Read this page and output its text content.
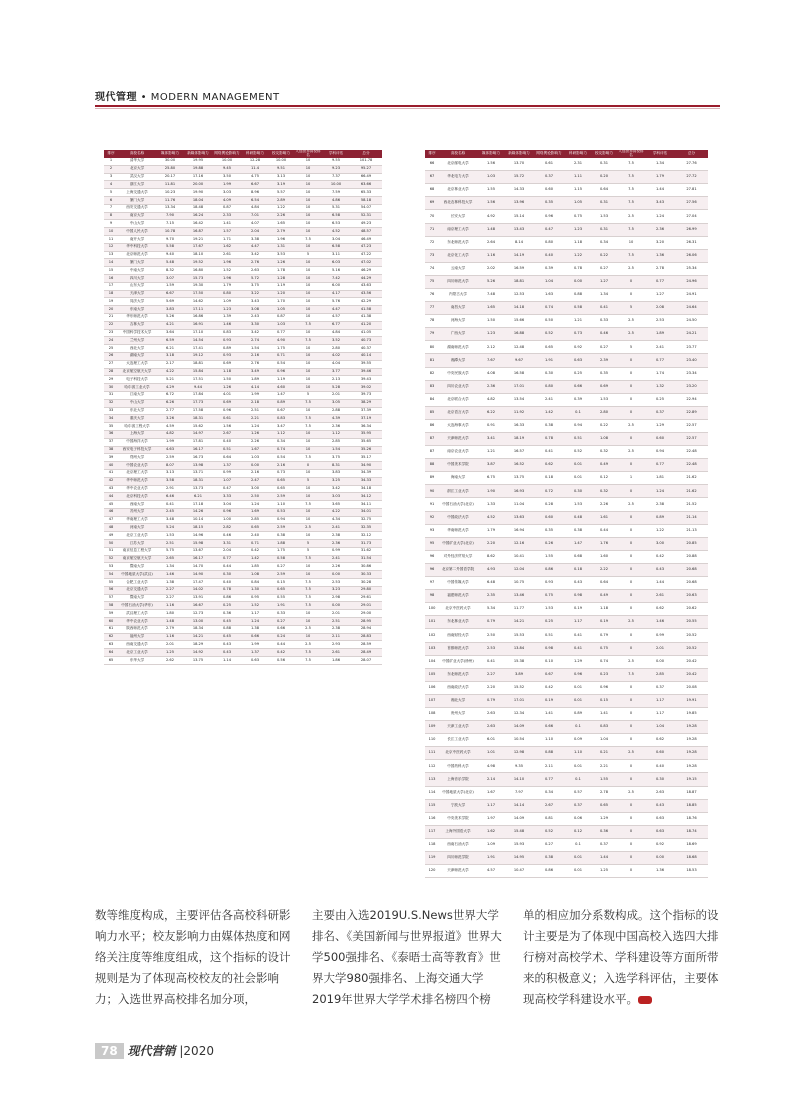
现代管理 • MODERN MANAGEMENT
排序	高校名称	媒体影响力	新媒体影响力	网络舆论影响力	科研影响力	校友影响力	入选世界高校排名	学科评估	总分
1	清华大学	30.00	19.95	10.00	12.28	10.00	10	9.55	101.78
2	北京大学	25.80	19.88	9.45	11.4	9.51	10	9.23	95.27
3	武汉大学	20.17	17.16	3.50	4.75	3.13	10	7.37	66.49
4	浙江大学	11.81	20.00	1.99	6.67	3.19	10	10.00	63.66
5	上海交通大学	10.23	19.90	3.03	8.96	5.57	10	7.59	65.33
6	厦门大学	11.76	18.04	4.09	6.54	2.89	10	4.86	58.18
7	西安交通大学	13.34	18.48	0.87	4.84	1.22	10	5.31	54.07
8	南京大学	7.90	16.24	2.33	7.01	2.26	10	6.58	52.31
9	中山大学	7.15	16.42	1.41	4.07	1.65	10	6.53	49.23
10	中国人民大学	10.78	16.87	1.57	2.04	2.79	10	4.52	48.57
11	南开大学	9.70	19.21	1.71	3.38	1.96	7.5	3.04	46.49
12	华中科技大学	5.58	17.67	1.62	4.47	1.31	10	6.58	47.23
13	北京师范大学	9.40	18.10	2.61	3.42	3.53	5	3.11	47.22
14	厦门大学	5.48	19.52	1.96	2.76	1.26	10	6.03	47.02
15	中南大学	8.32	16.80	1.52	2.63	1.78	10	5.16	46.29
16	四川大学	3.07	15.73	1.96	5.72	1.28	10	7.42	44.29
17	山东大学	1.59	19.30	1.79	3.75	1.19	10	6.00	43.63
18	天津大学	6.67	17.50	0.80	3.22	1.20	10	4.17	43.56
19	同济大学	5.69	14.62	1.09	3.43	1.70	10	5.76	42.29
20	东南大学	3.83	17.11	1.23	3.08	1.05	10	4.47	41.58
21	华东师范大学	5.26	16.86	1.39	2.43	0.87	10	4.57	41.38
22	吉林大学	4.21	16.91	1.46	3.30	1.03	7.5	6.77	41.20
23	中国科学技术大学	3.64	17.10	0.83	3.42	0.77	10	4.84	41.05
24	兰州大学	6.59	14.54	0.93	2.74	4.90	7.5	3.52	40.73
25	西北大学	6.21	17.41	0.89	1.54	1.75	10	2.80	40.37
26	湖南大学	3.18	19.12	0.93	2.16	0.71	10	4.02	40.14
27	大连理工大学	2.17	18.81	0.69	2.76	0.54	10	4.04	39.55
28	北京航空航天大学	4.22	15.84	1.18	3.49	0.96	10	3.77	39.46
29	电子科技大学	5.21	17.51	1.50	1.89	1.19	10	2.13	39.43
30	哈尔滨工业大学	4.29	9.44	1.26	4.14	4.60	10	5.28	39.02
31	江南大学	6.72	17.84	4.01	1.99	1.47	5	2.01	39.73
32	中山大学	6.26	17.73	0.69	2.18	0.89	7.5	3.05	38.29
33	东北大学	2.77	17.58	0.96	2.51	0.67	10	2.88	37.39
34	重庆大学	3.26	18.31	0.61	2.21	0.83	7.5	4.39	37.19
35	哈尔滨工程大学	4.59	15.62	1.56	1.24	3.47	7.5	2.36	36.34
36	上海大学	4.82	14.97	2.67	1.26	1.12	10	1.12	35.95
37	中国海洋大学	1.99	17.81	0.40	2.26	0.34	10	2.85	35.65
38	西安电子科技大学	4.63	16.17	0.51	1.67	0.74	10	1.54	35.26
39	郑州大学	2.59	16.73	0.64	1.03	0.54	7.5	3.75	35.17
40	中国农业大学	8.07	13.98	1.37	0.00	2.16	0	8.31	34.90
41	北京理工大学	3.13	13.71	0.99	2.16	0.73	10	3.83	34.39
42	华中师范大学	3.58	18.31	1.07	2.47	0.65	5	3.25	34.33
43	华中农业大学	2.91	13.73	0.47	3.00	0.65	10	3.42	34.18
44	北京科技大学	6.46	6.21	3.33	2.50	2.59	10	3.03	34.12
45	西南大学	0.41	17.18	3.04	1.24	1.10	7.5	3.65	34.11
46	苏州大学	2.45	14.26	0.96	1.69	0.53	10	4.22	34.01
47	华南理工大学	3.48	10.14	1.00	2.85	0.94	10	4.34	32.75
48	河南大学	5.24	18.15	2.82	0.65	2.59	2.5	2.41	32.35
49	北京工业大学	1.53	14.96	0.46	2.40	0.38	10	2.38	32.12
50	江苏大学	2.51	15.98	3.31	0.71	1.88	5	2.36	31.73
51	南京信息工程大学	5.75	13.67	2.04	0.42	1.75	5	0.99	31.62
52	南京航空航天大学	2.65	16.17	0.77	1.42	0.58	7.5	2.41	31.54
53	暨南大学	1.34	14.70	0.44	1.85	0.27	10	2.26	30.86
54	中国地质大学(武汉)	1.46	14.90	0.30	1.08	2.59	10	0.00	30.33
55	合肥工业大学	1.38	17.47	0.40	0.84	0.15	7.5	2.53	30.28
56	北京交通大学	2.27	14.02	0.78	1.30	0.65	7.5	3.23	29.80
57	暨南大学	2.27	13.91	0.86	0.95	0.55	7.5	2.98	29.61
58	中国石油大学(华东)	1.16	16.67	0.25	1.52	1.91	7.5	0.00	29.01
59	武汉理工大学	1.80	12.73	0.36	1.17	0.33	10	2.01	29.00
60	华中农业大学	1.48	13.00	0.45	1.24	0.27	10	2.51	28.95
61	陕西师范大学	2.79	18.34	0.88	1.38	0.66	2.5	2.38	28.94
62	福州大学	1.16	14.21	0.45	0.66	0.24	10	2.11	28.83
63	西南交通大学	2.01	18.29	0.43	1.99	0.44	2.5	2.93	28.59
64	北京工业大学	1.25	14.92	0.43	1.37	0.42	7.5	2.61	28.49
65	东华大学	2.62	13.75	1.14	0.63	0.56	7.5	1.86	28.07
排序	高校名称	媒体影响力	新媒体影响力	网络舆论影响力	科研影响力	校友影响力	入选世界高校排名	学科评估	总分
66	北京邮电大学	1.56	13.70	0.61	2.31	0.31	7.5	1.34	27.76
67	华北电力大学	1.03	15.72	0.37	1.11	0.20	7.5	1.79	27.72
68	北京林业大学	1.55	14.33	0.60	1.15	0.64	7.5	1.44	27.81
69	西北农林科技大学	1.56	13.96	0.35	1.05	0.31	7.5	3.43	27.56
70	长安大学	4.92	15.14	0.96	0.75	1.53	2.5	1.24	27.04
71	南京理工大学	1.48	13.43	0.47	1.23	0.31	7.5	2.36	26.99
72	东北师范大学	2.64	8.14	0.80	1.18	0.34	10	3.20	26.31
73	北京化工大学	1.16	14.19	0.40	1.22	0.22	7.5	1.36	26.06
74	云南大学	2.02	16.59	0.39	0.78	0.27	2.5	2.78	25.34
75	四川师范大学	5.26	18.81	1.04	0.00	1.27	0	0.77	24.96
76	内蒙古大学	7.48	12.53	1.63	0.88	1.34	0	1.27	24.91
77	南昌大学	1.65	14.18	0.74	0.58	0.41	5	2.08	24.64
78	河海大学	1.50	15.66	0.50	1.21	0.33	2.5	2.53	24.50
79	广西大学	1.23	16.88	0.52	0.73	0.46	2.5	1.89	24.21
80	湖南师范大学	2.12	12.48	0.65	0.92	0.27	5	2.41	23.77
81	湘潭大学	7.67	9.67	1.91	0.63	2.39	0	0.77	23.40
82	中央民族大学	4.08	16.58	0.30	0.25	0.35	0	1.74	23.34
83	四川农业大学	2.36	17.01	0.80	0.66	0.69	0	1.32	23.20
84	北京联合大学	4.82	13.54	2.41	0.39	1.53	0	0.25	22.94
85	北京语言大学	6.22	11.92	1.42	0.1	2.80	0	0.37	22.89
86	大连海事大学	0.91	16.33	0.38	0.94	0.22	2.5	1.29	22.57
87	天津师范大学	3.41	18.19	0.78	0.51	1.08	0	0.60	22.57
87	南京农业大学	1.21	16.57	0.41	0.52	0.32	2.5	0.94	22.48
88	中国美术学院	3.87	16.52	0.62	0.01	0.49	0	0.77	22.48
89	海南大学	6.75	13.75	0.18	0.01	0.12	1	1.81	21.62
90	浙江工业大学	1.90	16.93	0.72	0.30	0.32	0	1.24	21.62
91	中国石油大学(北京)	1.33	11.04	0.28	1.53	2.26	2.5	2.38	21.52
92	中国政法大学	4.52	13.63	0.60	0.48	1.61	0	0.89	21.14
93	华南师范大学	1.79	16.94	0.35	0.38	0.44	0	1.22	21.13
95	中国矿业大学(北京)	2.20	12.16	0.26	1.47	1.76	0	3.00	20.85
96	对外经济贸易大学	8.62	10.41	1.55	0.68	1.60	0	0.42	20.88
96	北京第二外国语学院	4.93	12.04	0.86	0.18	2.22	0	0.43	20.68
97	中国传媒大学	6.48	10.75	0.93	0.43	0.64	0	1.44	20.68
98	福建师范大学	2.35	13.46	0.75	0.98	0.49	0	2.61	20.63
100	北京中医药大学	5.34	11.77	1.53	0.19	1.18	0	0.62	20.62
101	东北林业大学	0.79	14.21	0.25	1.17	0.19	2.5	1.46	20.55
102	西南财经大学	2.50	15.53	0.51	0.41	0.79	0	0.99	20.52
103	首都师范大学	2.53	13.84	0.98	0.41	0.75	0	2.01	20.52
104	中国矿业大学(徐州)	0.41	15.38	0.10	1.29	0.74	2.5	0.00	20.42
105	东北师范大学	2.27	3.89	0.67	0.96	0.23	7.5	2.85	20.42
106	西南政法大学	2.20	15.52	0.42	0.01	0.96	0	0.37	20.08
107	湘北大学	0.79	17.01	0.19	0.01	0.15	0	1.17	19.91
108	贵州大学	2.63	12.34	1.41	0.89	1.41	0	1.17	19.85
109	天津工业大学	2.63	14.09	0.66	0.1	0.83	0	1.04	19.28
110	长江工业大学	6.01	10.54	1.10	0.09	1.04	0	0.62	19.28
111	北京中医药大学	1.01	12.98	0.88	1.10	0.21	2.5	0.60	19.28
112	中国药科大学	4.98	9.35	2.11	0.01	2.21	0	0.40	19.28
113	上海音乐学院	2.14	14.10	0.77	0.1	1.55	0	0.30	19.15
114	中国地质大学(北京)	1.67	7.97	0.34	0.57	2.78	2.5	2.63	18.87
115	宁波大学	1.17	14.14	2.67	0.37	0.65	0	0.43	18.85
116	中央美术学院	1.97	14.09	0.81	0.06	1.29	0	0.63	18.76
117	上海外国语大学	1.62	15.48	0.52	0.12	0.36	0	0.63	18.74
118	西南石油大学	1.09	15.93	0.27	0.1	0.37	0	0.92	18.69
119	四川师范学院	1.91	14.95	0.38	0.01	1.44	0	0.00	18.68
120	天津师范大学	4.57	10.47	0.86	0.01	1.25	0	1.36	18.53
数等维度构成，主要评估各高校科研影响力水平；校友影响力由媒体热度和网络关注度等维度组成，这个指标的设计规则是为了体现高校校友的社会影响力；入选世界高校排名加分项，
主要由入选2019U.S.News世界大学排名、《美国新闻与世界报道》世界大学500强排名、《泰晤士高等教育》世界大学980强排名、上海交通大学2019年世界大学学术排名榜四个榜
单的相应加分系数构成。这个指标的设计主要是为了体现中国高校入选四大排行榜对高校学术、学科建设等方面所带来的积极意义；入选学科评估，主要体现高校学科建设水平。
78 现代营销 |2020
